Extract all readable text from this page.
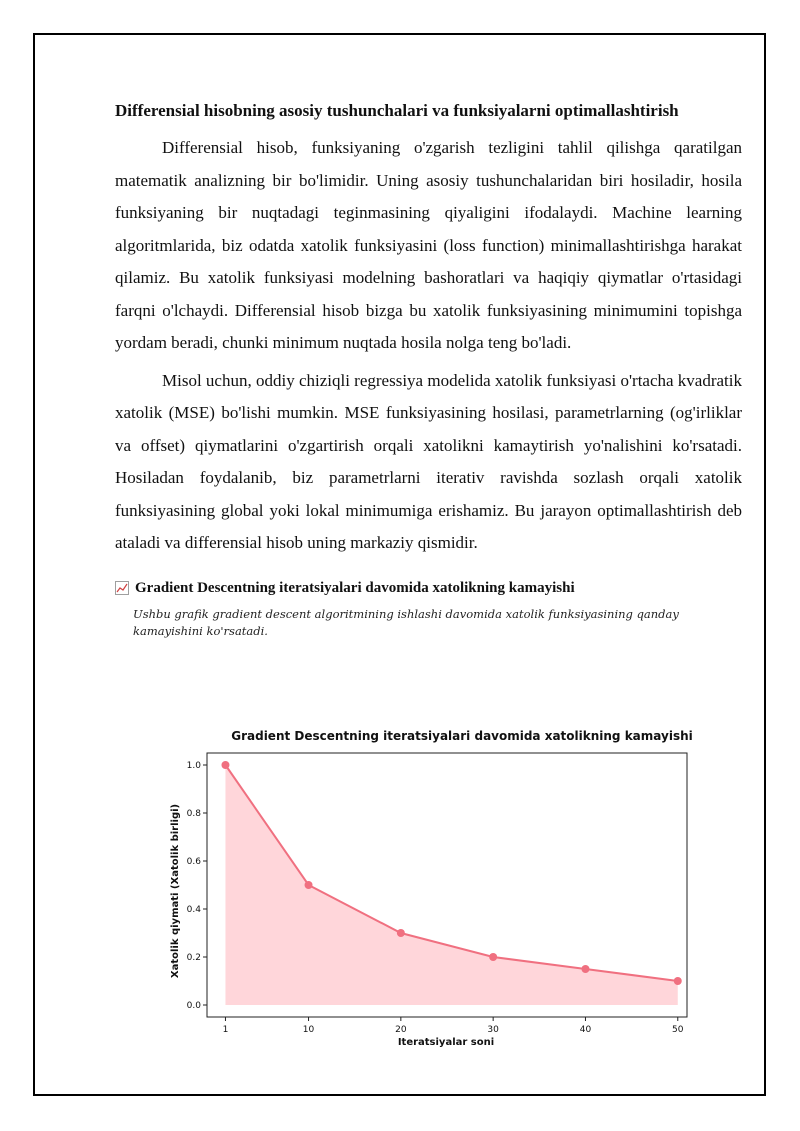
Differensial hisobning asosiy tushunchalari va funksiyalarni optimallashtirish

Differensial hisob, funksiyaning o'zgarish tezligini tahlil qilishga qaratilgan matematik analizning bir bo'limidir. Uning asosiy tushunchalaridan biri hosiladir, hosila funksiyaning bir nuqtadagi teginmasining qiyaligini ifodalaydi. Machine learning algoritmlarida, biz odatda xatolik funksiyasini (loss function) minimallashtirishga harakat qilamiz. Bu xatolik funksiyasi modelning bashoratlari va haqiqiy qiymatlar o'rtasidagi farqni o'lchaydi. Differensial hisob bizga bu xatolik funksiyasining minimumini topishga yordam beradi, chunki minimum nuqtada hosila nolga teng bo'ladi.

Misol uchun, oddiy chiziqli regressiya modelida xatolik funksiyasi o'rtacha kvadratik xatolik (MSE) bo'lishi mumkin. MSE funksiyasining hosilasi, parametrlarning (og'irliklar va offset) qiymatlarini o'zgartirish orqali xatolikni kamaytirish yo'nalishini ko'rsatadi. Hosiladan foydalanib, biz parametrlarni iterativ ravishda sozlash orqali xatolik funksiyasining global yoki lokal minimumiga erishamiz. Bu jarayon optimallashtirish deb ataladi va differensial hisob uning markaziy qismidir.

Gradient Descentning iteratsiyalari davomida xatolikning kamayishi
Ushbu grafik gradient descent algoritmining ishlashi davomida xatolik funksiyasining qanday kamayishini ko'rsatadi.
Gradient Descentning iteratsiyalari davomida xatolikning kamayishi
1	10	20	30	40	50
0.0
0.2
0.4
0.6
0.8
1.0
Iteratsiyalar soni
Xatolik qiymati (Xatolik birligi)
